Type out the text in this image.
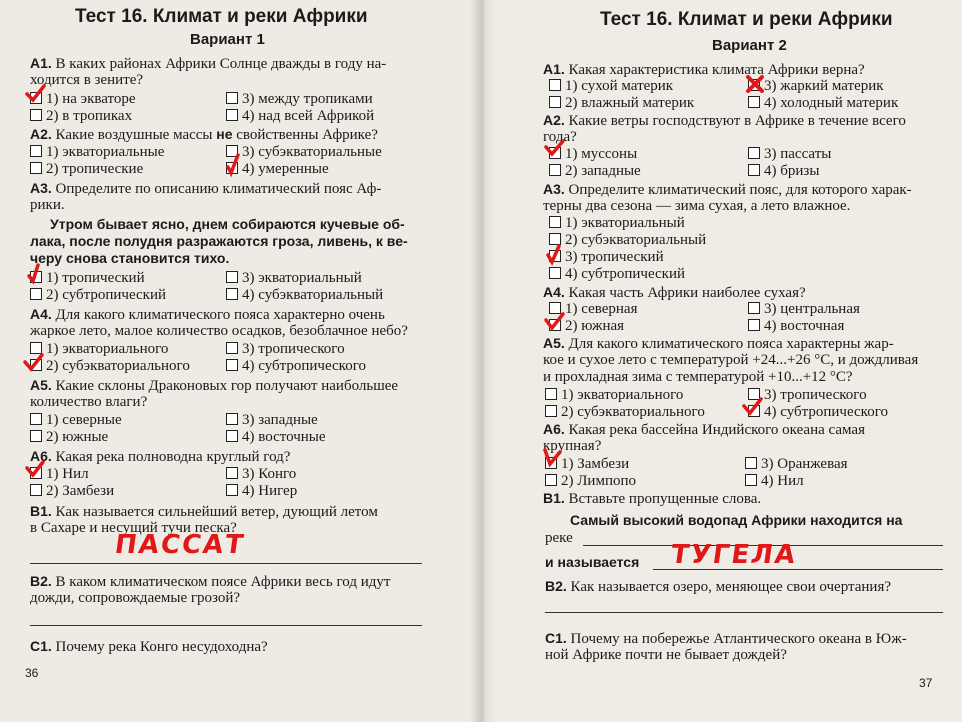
Тест 16. Климат и реки Африки
Вариант 1
А1. В каких районах Африки Солнце дважды в году на-
ходится в зените?
1) на экваторе
2) в тропиках
3) между тропиками
4) над всей Африкой
А2. Какие воздушные массы не свойственны Африке?
1) экваториальные
2) тропические
3) субэкваториальные
4) умеренные
А3. Определите по описанию климатический пояс Аф-
рики.
Утром бывает ясно, днем собираются кучевые об-
лака, после полудня разражаются гроза, ливень, к ве-
черу снова становится тихо.
1) тропический
2) субтропический
3) экваториальный
4) субэкваториальный
А4. Для какого климатического пояса характерно очень
жаркое лето, малое количество осадков, безоблачное небо?
1) экваториального
2) субэкваториального
3) тропического
4) субтропического
А5. Какие склоны Драконовых гор получают наибольшее
количество влаги?
1) северные
2) южные
3) западные
4) восточные
А6. Какая река полноводна круглый год?
1) Нил
2) Замбези
3) Конго
4) Нигер
В1. Как называется сильнейший ветер, дующий летом
в Сахаре и несущий тучи песка?
ПАССАТ
В2. В каком климатическом поясе Африки весь год идут
дожди, сопровождаемые грозой?
С1. Почему река Конго несудоходна?
36
Тест 16. Климат и реки Африки
Вариант 2
А1. Какая характеристика климата Африки верна?
1) сухой материк
2) влажный материк
3) жаркий материк
4) холодный материк
А2. Какие ветры господствуют в Африке в течение всего
года?
1) муссоны
2) западные
3) пассаты
4) бризы
А3. Определите климатический пояс, для которого харак-
терны два сезона — зима сухая, а лето влажное.
1) экваториальный
2) субэкваториальный
3) тропический
4) субтропический
А4. Какая часть Африки наиболее сухая?
1) северная
2) южная
3) центральная
4) восточная
А5. Для какого климатического пояса характерны жар-
кое и сухое лето с температурой +24...+26 °С, и дождливая
и прохладная зима с температурой +10...+12 °С?
1) экваториального
2) субэкваториального
3) тропического
4) субтропического
А6. Какая река бассейна Индийского океана самая
крупная?
1) Замбези
2) Лимпопо
3) Оранжевая
4) Нил
В1. Вставьте пропущенные слова.
Самый высокий водопад Африки находится на
реке
и называется ТУГЕЛА
В2. Как называется озеро, меняющее свои очертания?
С1. Почему на побережье Атлантического океана в Юж-
ной Африке почти не бывает дождей?
37
